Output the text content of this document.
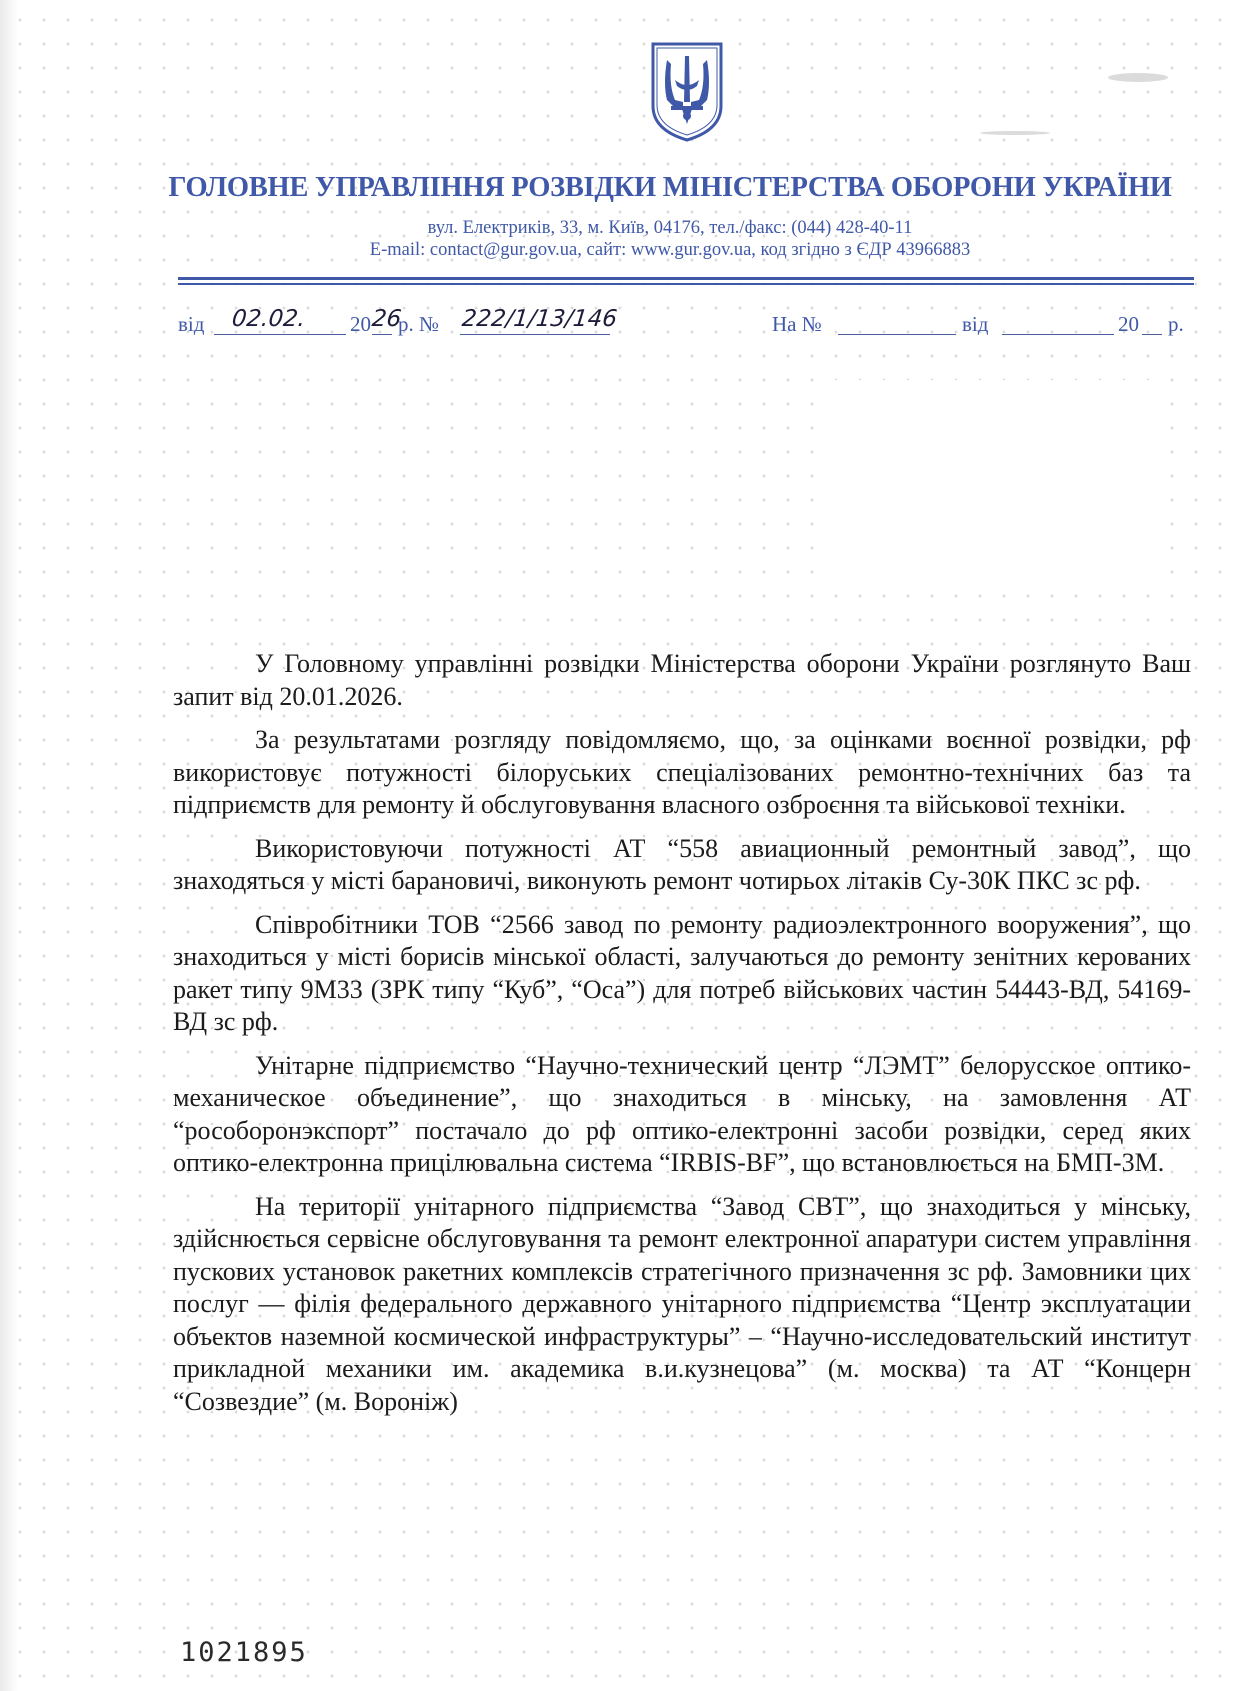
ГОЛОВНЕ УПРАВЛІННЯ РОЗВІДКИ МІНІСТЕРСТВА ОБОРОНИ УКРАЇНИ
вул. Електриків, 33, м. Київ, 04176, тел./факс: (044) 428-40-11
E-mail: contact@gur.gov.ua, сайт: www.gur.gov.ua, код згідно з ЄДР 43966883
від 02.02. 20 26
р. № 222/1/13/146	На №	від	20 р.

У Головному управлінні розвідки Міністерства оборони України розглянуто Ваш запит від 20.01.2026.

За результатами розгляду повідомляємо, що, за оцінками воєнної розвідки, рф використовує потужності білоруських спеціалізованих ремонтно-технічних баз та підприємств для ремонту й обслуговування власного озброєння та військової техніки.

Використовуючи потужності АТ “558 авиационный ремонтный завод”, що знаходяться у місті барановичі, виконують ремонт чотирьох літаків Су-30К ПКС зс рф.

Співробітники ТОВ “2566 завод по ремонту радиоэлектронного вооружения”, що знаходиться у місті борисів мінської області, залучаються до ремонту зенітних керованих ракет типу 9М33 (ЗРК типу “Куб”, “Оса”) для потреб військових частин 54443-ВД, 54169-ВД зс рф.

Унітарне підприємство “Научно-технический центр “ЛЭМТ” белорусское оптико-механическое объединение”, що знаходиться в мінську, на замовлення АТ “рособоронэкспорт” постачало до рф оптико-електронні засоби розвідки, серед яких оптико-електронна прицілювальна система “IRBIS-BF”, що встановлюється на БМП-3М.

На території унітарного підприємства “Завод СВТ”, що знаходиться у мінську, здійснюється сервісне обслуговування та ремонт електронної апаратури систем управління пускових установок ракетних комплексів стратегічного призначення зс рф. Замовники цих послуг — філія федерального державного унітарного підприємства “Центр эксплуатации объектов наземной космической инфраструктуры” – “Научно-исследовательский институт прикладной механики им. академика в.и.кузнецова” (м. москва) та АТ “Концерн “Созвездие” (м. Воронiж)

1021895
